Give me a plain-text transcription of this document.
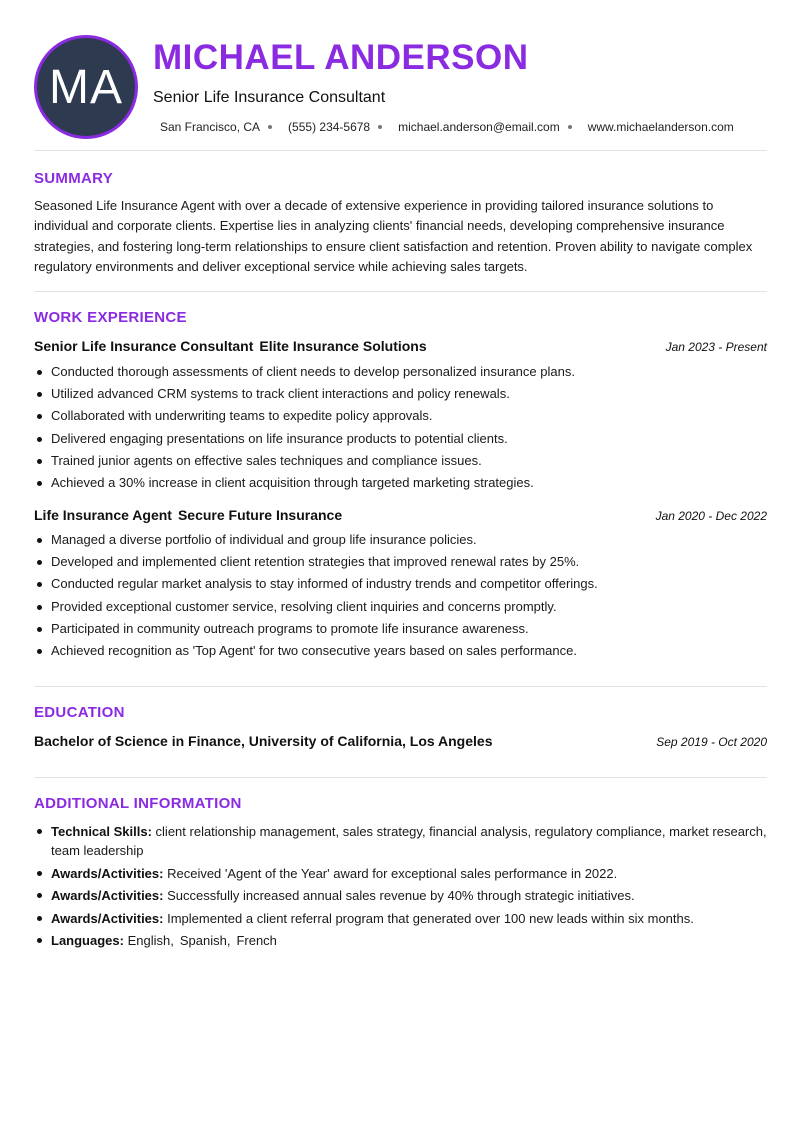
MA
MICHAEL ANDERSON
Senior Life Insurance Consultant
San Francisco, CA (555) 234-5678 michael.anderson@email.com www.michaelanderson.com
SUMMARY

Seasoned Life Insurance Agent with over a decade of extensive experience in providing tailored insurance solutions to individual and corporate clients. Expertise lies in analyzing clients' financial needs, developing comprehensive insurance strategies, and fostering long-term relationships to ensure client satisfaction and retention. Proven ability to navigate complex regulatory environments and deliver exceptional service while achieving sales targets.

WORK EXPERIENCE
Senior Life Insurance Consultant Elite Insurance Solutions	Jan 2023 - Present
Conducted thorough assessments of client needs to develop personalized insurance plans.
Utilized advanced CRM systems to track client interactions and policy renewals.
Collaborated with underwriting teams to expedite policy approvals.
Delivered engaging presentations on life insurance products to potential clients.
Trained junior agents on effective sales techniques and compliance issues.
Achieved a 30% increase in client acquisition through targeted marketing strategies.
Life Insurance Agent Secure Future Insurance	Jan 2020 - Dec 2022
Managed a diverse portfolio of individual and group life insurance policies.
Developed and implemented client retention strategies that improved renewal rates by 25%.
Conducted regular market analysis to stay informed of industry trends and competitor offerings.
Provided exceptional customer service, resolving client inquiries and concerns promptly.
Participated in community outreach programs to promote life insurance awareness.
Achieved recognition as 'Top Agent' for two consecutive years based on sales performance.
EDUCATION
Bachelor of Science in Finance, University of California, Los Angeles	Sep 2019 - Oct 2020
ADDITIONAL INFORMATION
Technical Skills: client relationship management, sales strategy, financial analysis, regulatory compliance, market research, team leadership
Awards/Activities: Received 'Agent of the Year' award for exceptional sales performance in 2022.
Awards/Activities: Successfully increased annual sales revenue by 40% through strategic initiatives.
Awards/Activities: Implemented a client referral program that generated over 100 new leads within six months.
Languages: English, Spanish, French
